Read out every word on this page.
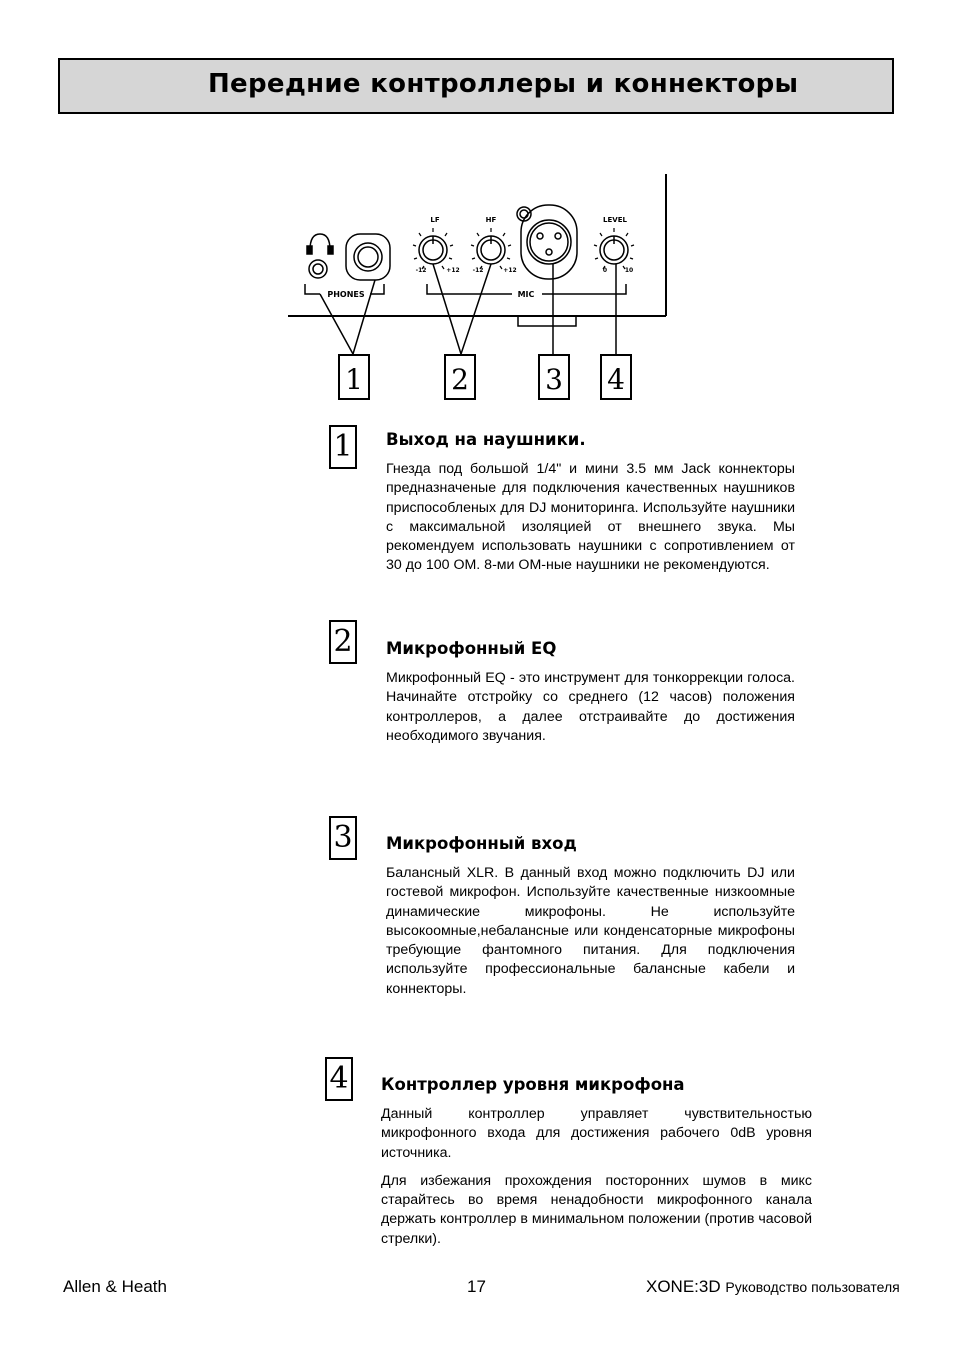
Передние контроллеры и коннекторы
LF	HF	LEVEL
-12	+12 -12	+12	0	10
PHONES	MIC
1	2	3 4
1 Выход на наушники.

Гнезда под большой 1/4" и мини 3.5 мм Jack коннекторы предназначеные для подключения качественных наушников приспособленых для DJ мониторинга. Используйте наушники с максимальной изоляцией от внешнего звука. Мы рекомендуем использовать наушники с сопротивлением от 30 до 100 ОМ. 8-ми ОМ-ные наушники не рекомендуются.

2 Микрофонный EQ

Микрофонный EQ - это инструмент для тонкоррекции голоса. Начинайте отстройку со среднего (12 часов) положения контроллеров, а далее отстраивайте до достижения необходимого звучания.

3 Микрофонный вход

Балансный XLR. В данный вход можно подключить DJ или гостевой микрофон. Используйте качественные низкоомные динамические микрофоны. Не используйте высокоомные,небалансные или конденсаторные микрофоны требующие фантомного питания. Для подключения используйте профессиональные балансные кабели и коннекторы.

4 Контроллер уровня микрофона

Данный контроллер управляет чувствительностью микрофонного входа для достижения рабочего 0dB уровня источника.

Для избежания прохождения посторонних шумов в микс старайтесь во время ненадобности микрофонного канала держать контроллер в минимальном положении (против часовой стрелки).

Allen & Heath	17	XONE:3D Руководство пользователя
